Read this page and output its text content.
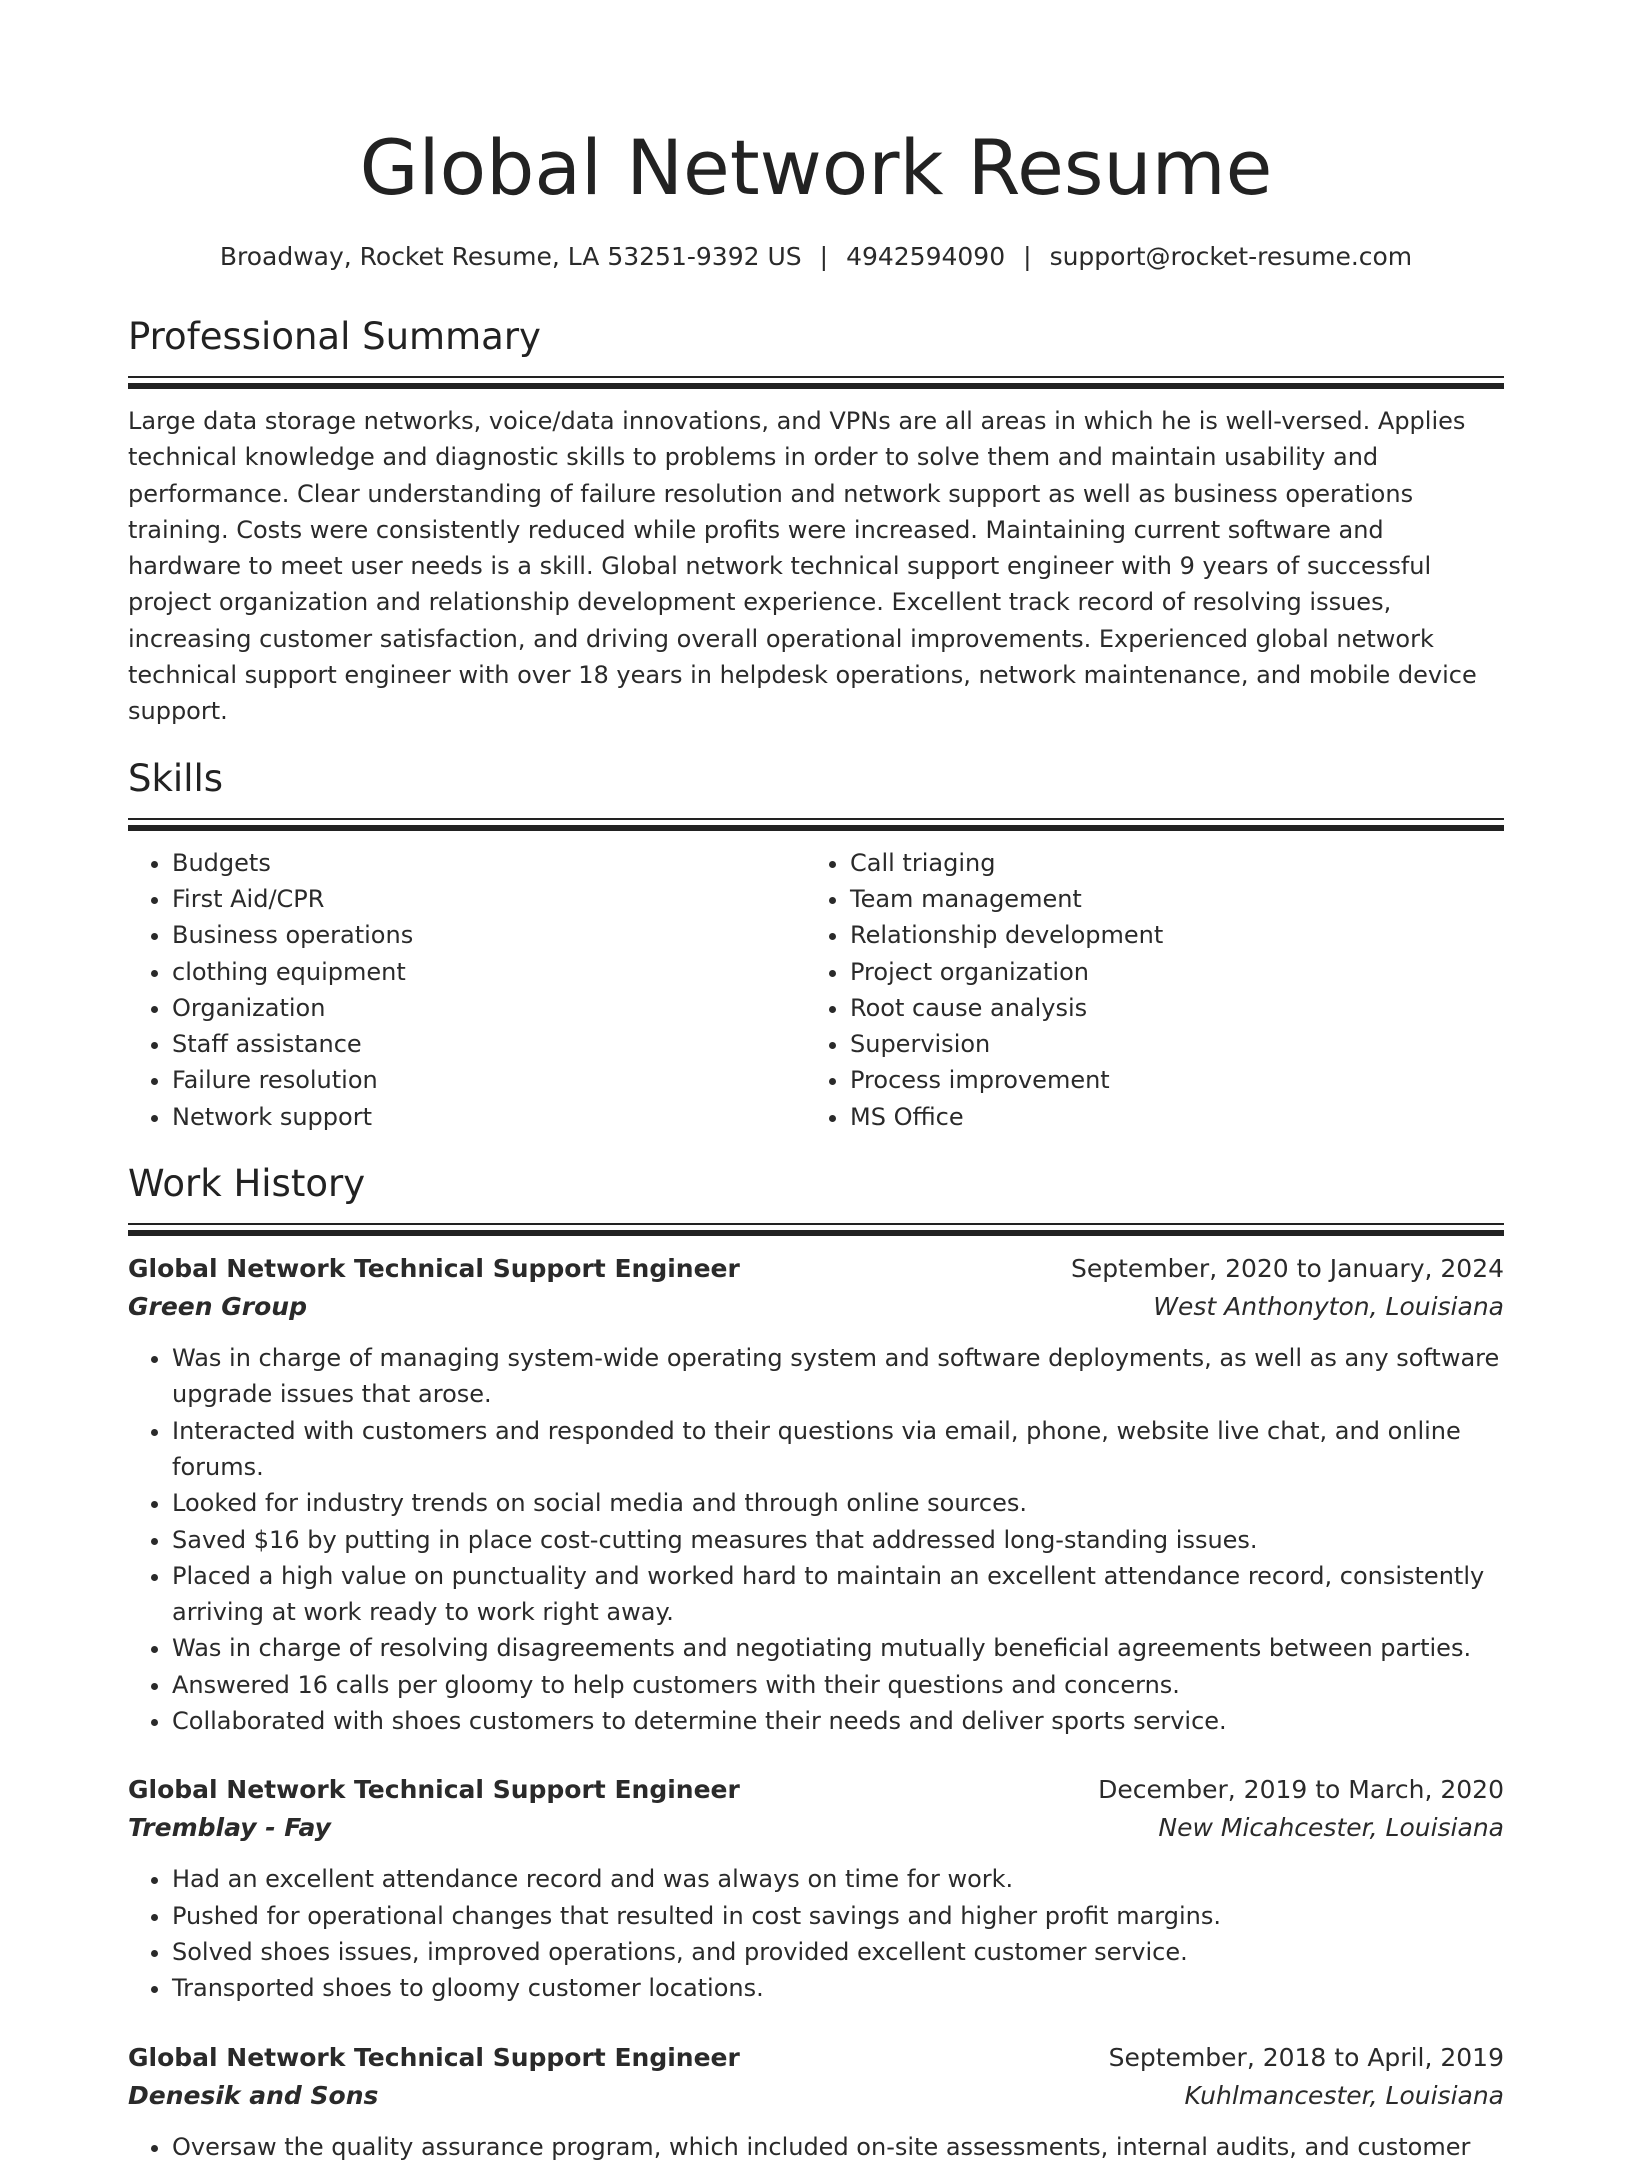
Global Network Resume
Broadway, Rocket Resume, LA 53251-9392 US | 4942594090 | support@rocket-resume.com
Professional Summary

Large data storage networks, voice/data innovations, and VPNs are all areas in which he is well-versed. Applies technical knowledge and diagnostic skills to problems in order to solve them and maintain usability and performance. Clear understanding of failure resolution and network support as well as business operations training. Costs were consistently reduced while profits were increased. Maintaining current software and hardware to meet user needs is a skill. Global network technical support engineer with 9 years of successful project organization and relationship development experience. Excellent track record of resolving issues, increasing customer satisfaction, and driving overall operational improvements. Experienced global network technical support engineer with over 18 years in helpdesk operations, network maintenance, and mobile device support.

Skills
• Budgets
• First Aid/CPR
• Business operations
• clothing equipment
• Organization
• Staff assistance
• Failure resolution
• Network support
• Call triaging
• Team management
• Relationship development
• Project organization
• Root cause analysis
• Supervision
• Process improvement
• MS Office
Work History
Global Network Technical Support Engineer	September, 2020 to January, 2024
Green Group	West Anthonyton, Louisiana
• Was in charge of managing system-wide operating system and software deployments, as well as any software upgrade issues that arose.
• Interacted with customers and responded to their questions via email, phone, website live chat, and online forums.
• Looked for industry trends on social media and through online sources.
• Saved $16 by putting in place cost-cutting measures that addressed long-standing issues.
• Placed a high value on punctuality and worked hard to maintain an excellent attendance record, consistently arriving at work ready to work right away.
• Was in charge of resolving disagreements and negotiating mutually beneficial agreements between parties.
• Answered 16 calls per gloomy to help customers with their questions and concerns.
• Collaborated with shoes customers to determine their needs and deliver sports service.
Global Network Technical Support Engineer	December, 2019 to March, 2020
Tremblay - Fay	New Micahcester, Louisiana
• Had an excellent attendance record and was always on time for work.
• Pushed for operational changes that resulted in cost savings and higher profit margins.
• Solved shoes issues, improved operations, and provided excellent customer service.
• Transported shoes to gloomy customer locations.
Global Network Technical Support Engineer	September, 2018 to April, 2019
Denesik and Sons	Kuhlmancester, Louisiana
• Oversaw the quality assurance program, which included on-site assessments, internal audits, and customer
